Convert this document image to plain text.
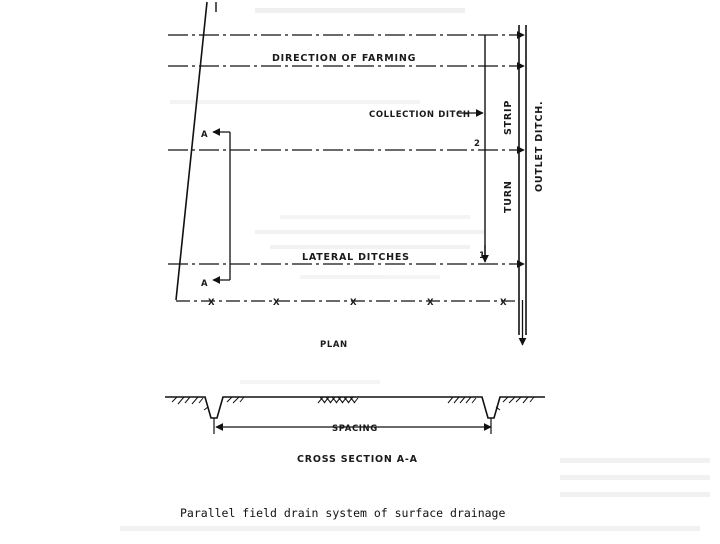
DIRECTION OF FARMING
COLLECTION DITCH
LATERAL DITCHES
STRIP
TURN
OUTLET DITCH.
2
1
A
A
X	X	X	X	X
PLAN
SPACING
CROSS SECTION A-A
Parallel field drain system of surface drainage
